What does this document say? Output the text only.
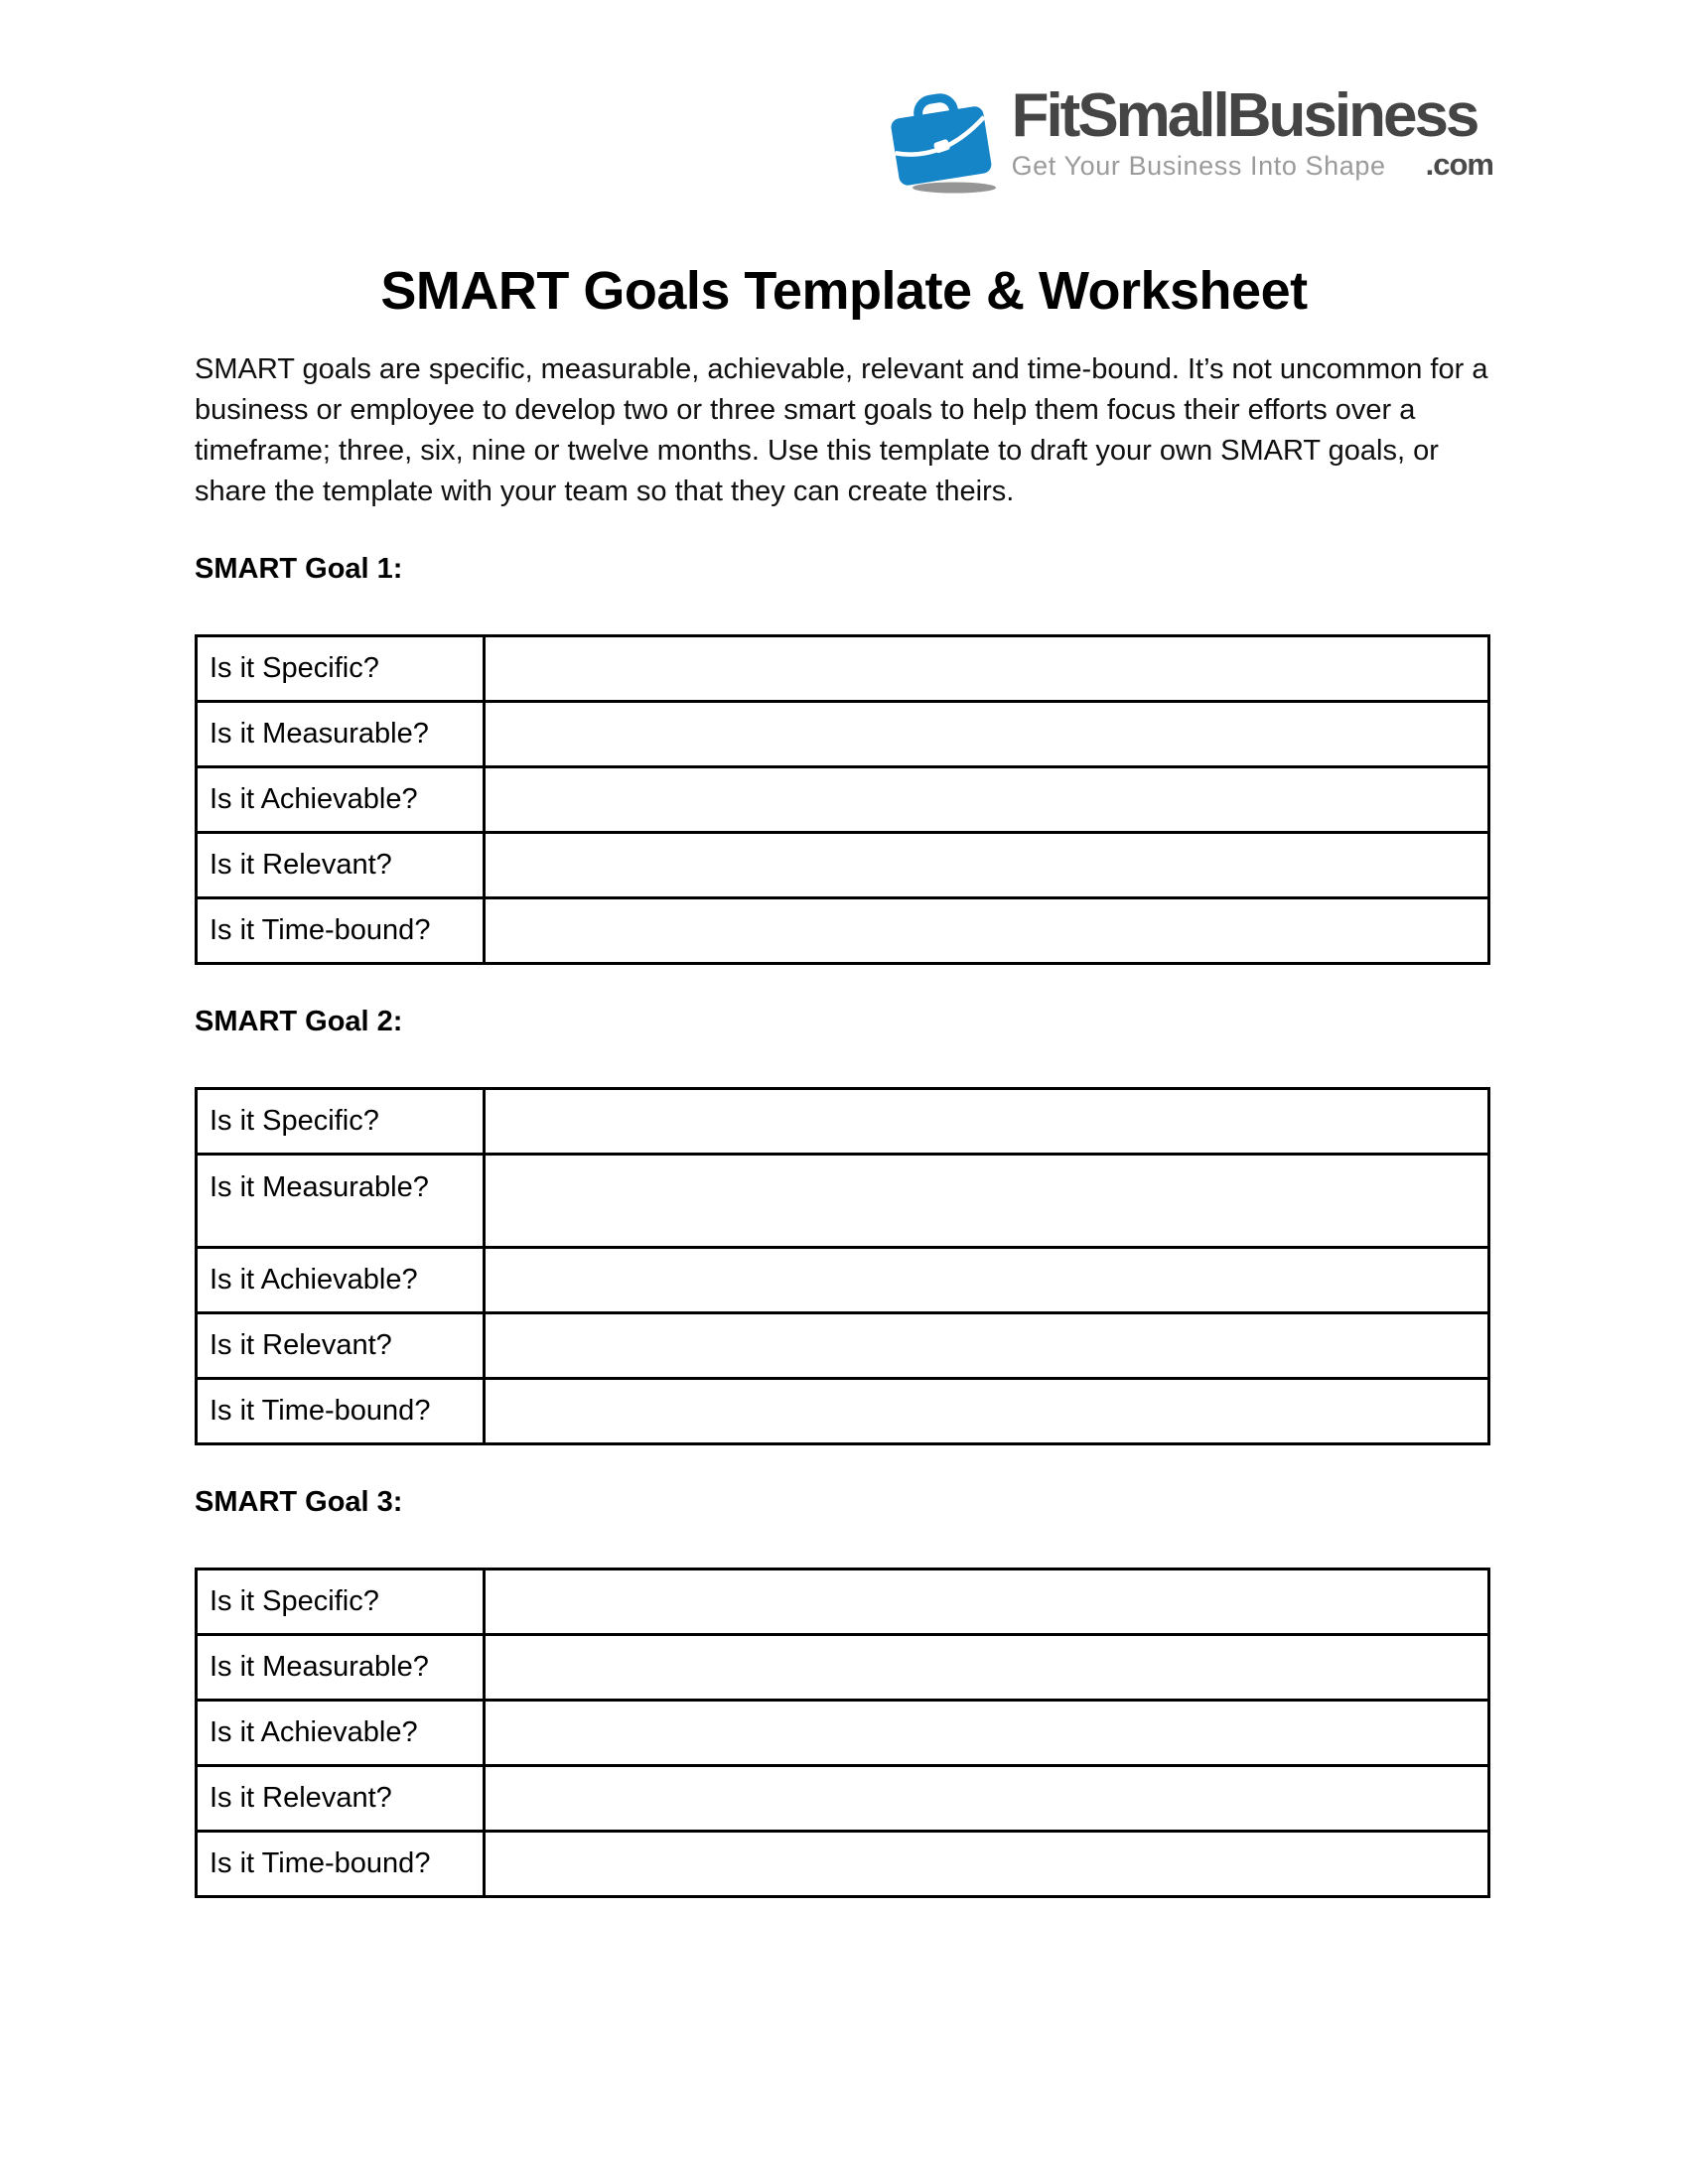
FitSmallBusiness
Get Your Business Into Shape .com
SMART Goals Template & Worksheet

SMART goals are specific, measurable, achievable, relevant and time-bound. It’s not uncommon for a business or employee to develop two or three smart goals to help them focus their efforts over a timeframe; three, six, nine or twelve months. Use this template to draft your own SMART goals, or share the template with your team so that they can create theirs.

SMART Goal 1:
Is it Specific?	
Is it Measurable?	
Is it Achievable?	
Is it Relevant?	
Is it Time-bound?	
SMART Goal 2:
Is it Specific?	
Is it Measurable?	
Is it Achievable?	
Is it Relevant?	
Is it Time-bound?	
SMART Goal 3:
Is it Specific?	
Is it Measurable?	
Is it Achievable?	
Is it Relevant?	
Is it Time-bound?	
